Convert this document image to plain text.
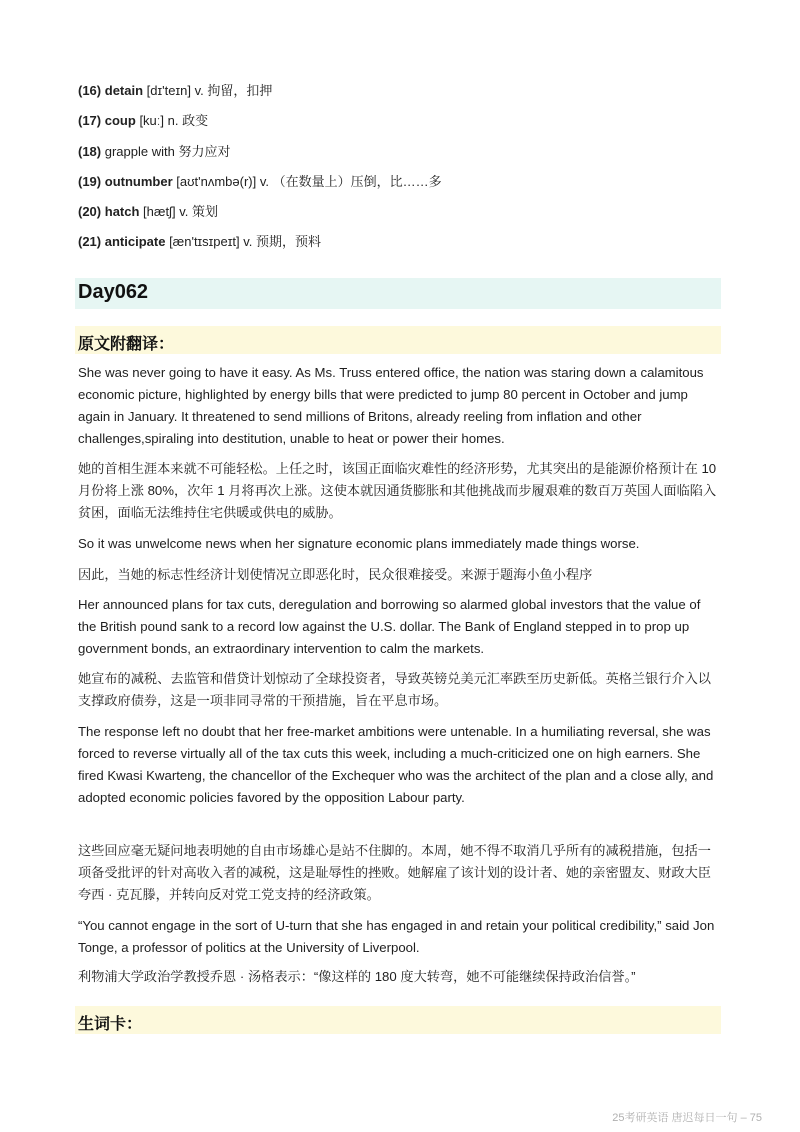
(16) detain [dɪ'teɪn] v. 拘留，扣押
(17) coup [kuː] n. 政变
(18) grapple with 努力应对
(19) outnumber [aʊt'nʌmbə(r)] v. （在数量上）压倒，比……多
(20) hatch [hætʃ] v. 策划
(21) anticipate [æn'tɪsɪpeɪt] v. 预期，预料
Day062
原文附翻译：

She was never going to have it easy. As Ms. Truss entered office, the nation was staring down a calamitous economic picture, highlighted by energy bills that were predicted to jump 80 percent in October and jump again in January. It threatened to send millions of Britons, already reeling from inflation and other challenges,spiraling into destitution, unable to heat or power their homes.

她的首相生涯本来就不可能轻松。上任之时，该国正面临灾难性的经济形势，尤其突出的是能源价格预计在 10 月份将上涨 80%，次年 1 月将再次上涨。这使本就因通货膨胀和其他挑战而步履艰难的数百万英国人面临陷入贫困，面临无法维持住宅供暖或供电的威胁。

So it was unwelcome news when her signature economic plans immediately made things worse.

因此，当她的标志性经济计划使情况立即恶化时，民众很难接受。来源于题海小鱼小程序

Her announced plans for tax cuts, deregulation and borrowing so alarmed global investors that the value of the British pound sank to a record low against the U.S. dollar. The Bank of England stepped in to prop up government bonds, an extraordinary intervention to calm the markets.

她宣布的减税、去监管和借贷计划惊动了全球投资者，导致英镑兑美元汇率跌至历史新低。英格兰银行介入以支撑政府债券，这是一项非同寻常的干预措施，旨在平息市场。

The response left no doubt that her free-market ambitions were untenable. In a humiliating reversal, she was forced to reverse virtually all of the tax cuts this week, including a much-criticized one on high earners. She fired Kwasi Kwarteng, the chancellor of the Exchequer who was the architect of the plan and a close ally, and adopted economic policies favored by the opposition Labour party.

这些回应毫无疑问地表明她的自由市场雄心是站不住脚的。本周，她不得不取消几乎所有的减税措施，包括一项备受批评的针对高收入者的减税，这是耻辱性的挫败。她解雇了该计划的设计者、她的亲密盟友、财政大臣夸西 · 克瓦滕，并转向反对党工党支持的经济政策。

“You cannot engage in the sort of U-turn that she has engaged in and retain your political credibility,” said Jon Tonge, a professor of politics at the University of Liverpool.

利物浦大学政治学教授乔恩 · 汤格表示：“像这样的 180 度大转弯，她不可能继续保持政治信誉。”

生词卡：
25考研英语 唐迟每日一句 – 75
